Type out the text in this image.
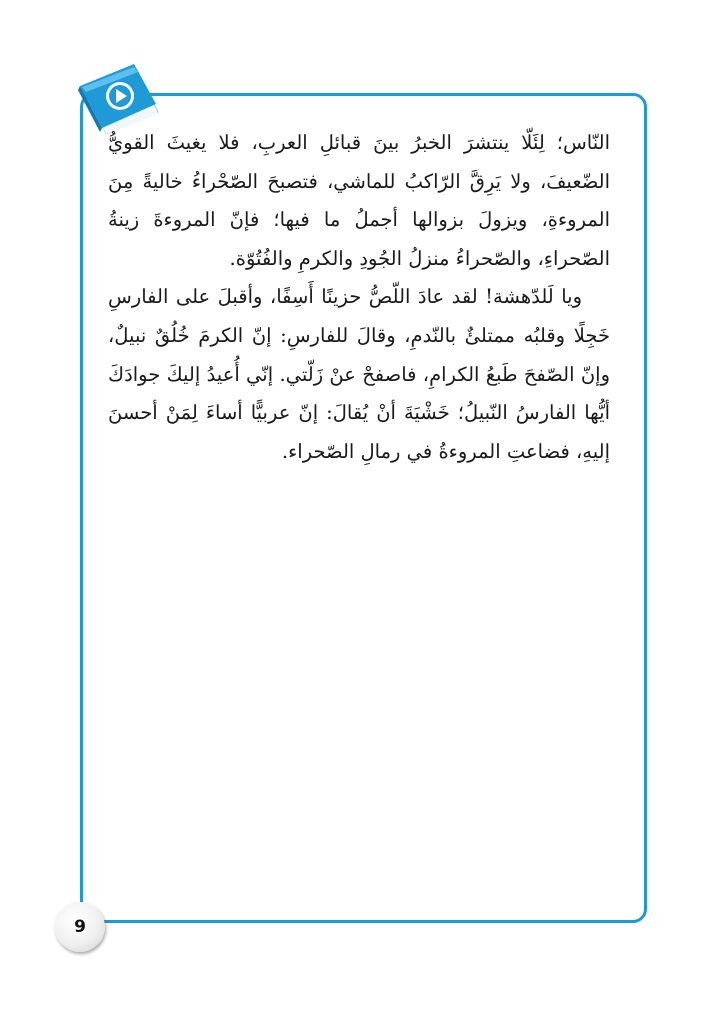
النّاس؛ لِئَلّا ينتشرَ الخبرُ بينَ قبائلِ العربِ، فلا يغيثَ القويُّ الضّعيفَ، ولا يَرِقَّ الرّاكبُ للماشي، فتصبحَ الصّحْراءُ خاليةً مِنَ المروءةِ، ويزولَ بزوالها أجملُ ما فيها؛ فإنّ المروءةَ زينةُ الصّحراءِ، والصّحراءُ منزلُ الجُودِ والكرمِ والفُتُوّة.

ويا لَلدّهشة! لقد عادَ اللّصُّ حزينًا أَسِفًا، وأقبلَ على الفارسِ خَجِلًا وقلبُه ممتلئٌ بالنّدمِ، وقالَ للفارسِ: إنّ الكرمَ خُلُقٌ نبيلٌ، وإنّ الصّفحَ طَبعُ الكرامِ، فاصفحْ عنْ زَلّتي. إنّي أُعيدُ إليكَ جوادَكَ أيُّها الفارسُ النّبيلُ؛ خَشْيَةَ أنْ يُقالَ: إنّ عربيًّا أساءَ لِمَنْ أحسنَ إليهِ، فضاعتِ المروءةُ في رمالِ الصّحراء.

9
